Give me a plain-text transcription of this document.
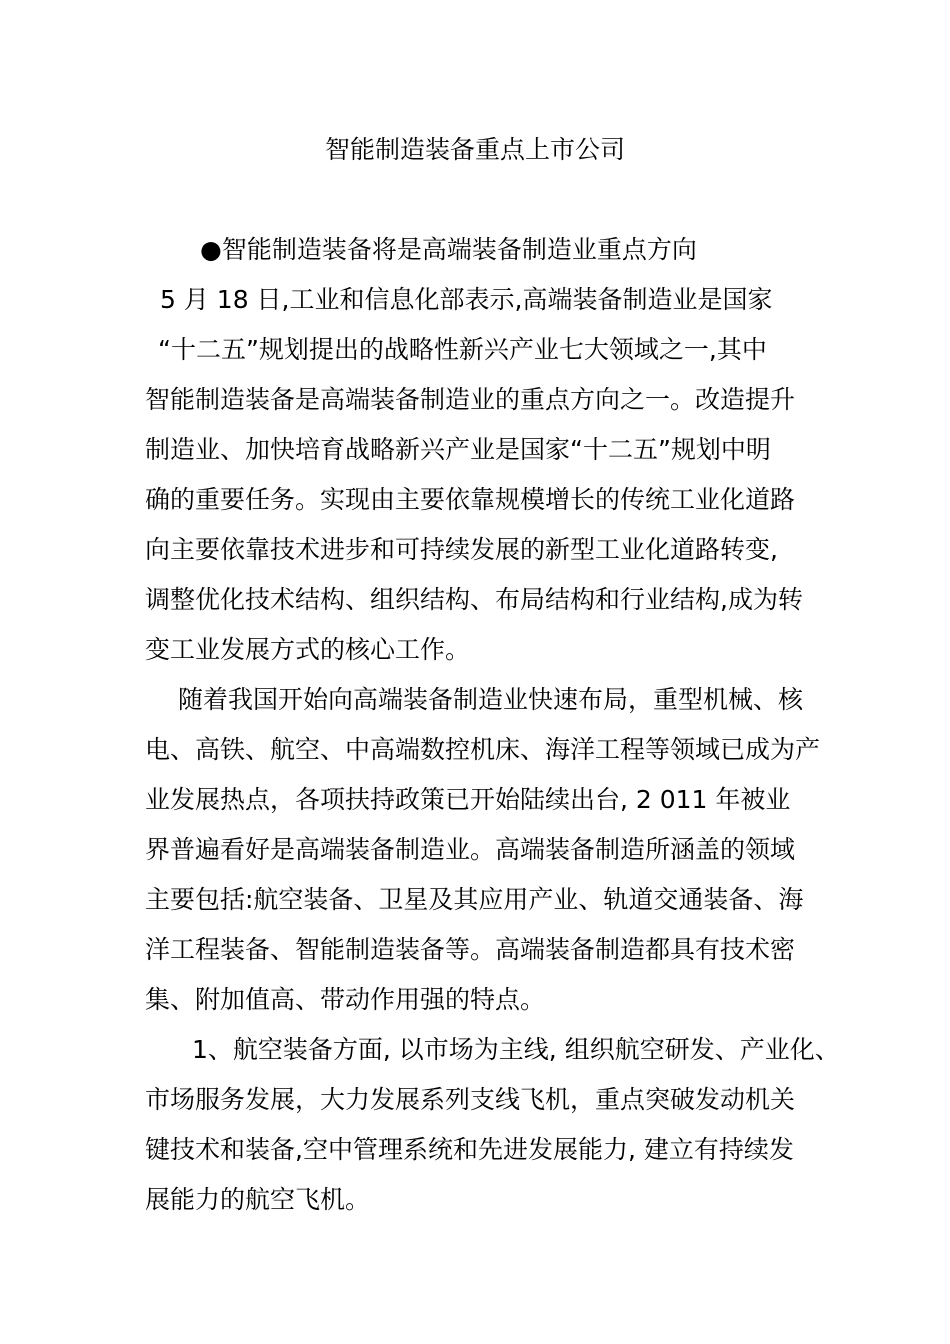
智能制造装备重点上市公司
●智能制造装备将是高端装备制造业重点方向
5 月 18 日,工业和信息化部表示,高端装备制造业是国家
“十二五”规划提出的战略性新兴产业七大领域之一,其中
智能制造装备是高端装备制造业的重点方向之一。改造提升
制造业、加快培育战略新兴产业是国家“十二五”规划中明
确的重要任务。实现由主要依靠规模增长的传统工业化道路
向主要依靠技术进步和可持续发展的新型工业化道路转变,
调整优化技术结构、组织结构、布局结构和行业结构,成为转
变工业发展方式的核心工作。
随着我国开始向高端装备制造业快速布局，重型机械、核
电、高铁、航空、中高端数控机床、海洋工程等领域已成为产
业发展热点，各项扶持政策已开始陆续出台, 2 011 年被业
界普遍看好是高端装备制造业。高端装备制造所涵盖的领域
主要包括:航空装备、卫星及其应用产业、轨道交通装备、海
洋工程装备、智能制造装备等。高端装备制造都具有技术密
集、附加值高、带动作用强的特点。
1、航空装备方面, 以市场为主线, 组织航空研发、产业化、
市场服务发展，大力发展系列支线飞机，重点突破发动机关
键技术和装备,空中管理系统和先进发展能力, 建立有持续发
展能力的航空飞机。
